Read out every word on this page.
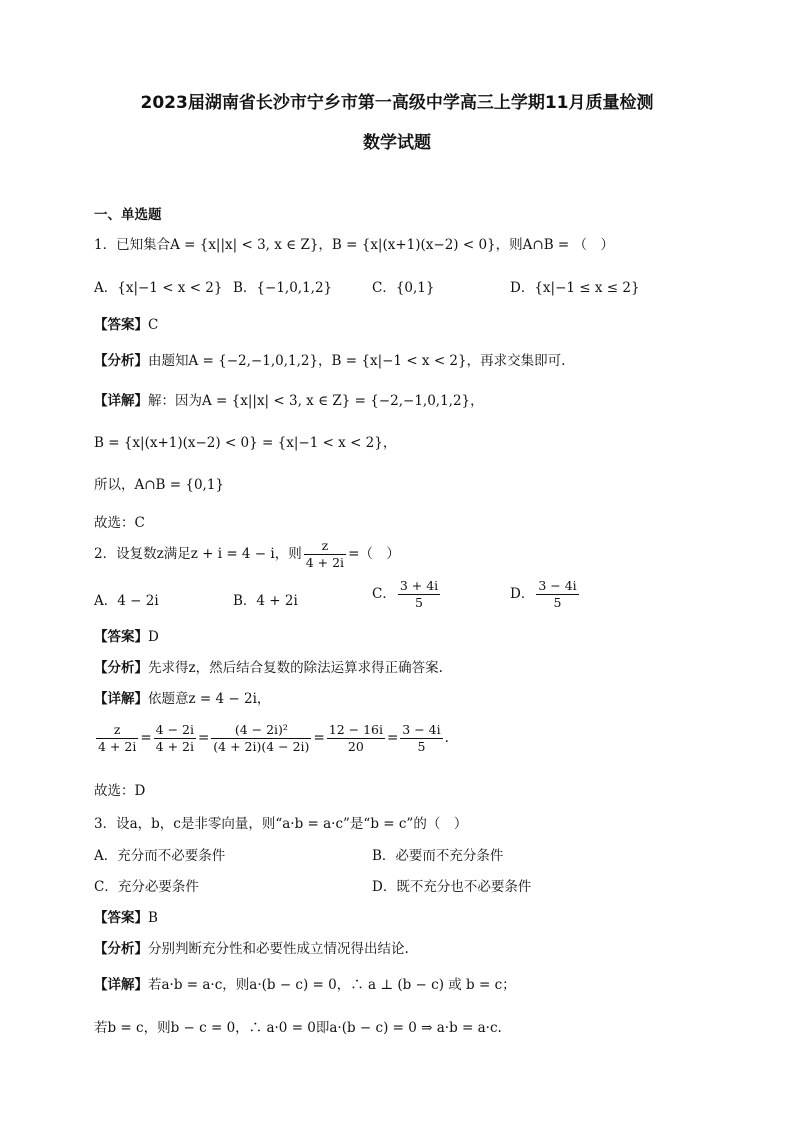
2023届湖南省长沙市宁乡市第一高级中学高三上学期11月质量检测
数学试题
一、单选题
1．已知集合A = {x||x| < 3, x ∈ Z}，B = {x|(x+1)(x−2) < 0}，则A∩B = （　）
A．{x|−1 < x < 2} B．{−1,0,1,2}	C．{0,1}	D．{x|−1 ≤ x ≤ 2}
【答案】C
【分析】由题知A = {−2,−1,0,1,2}，B = {x|−1 < x < 2}，再求交集即可.
【详解】解：因为A = {x||x| < 3, x ∈ Z} = {−2,−1,0,1,2}，
B = {x|(x+1)(x−2) < 0} = {x|−1 < x < 2}，
所以，A∩B = {0,1}
故选：C
2．设复数z满足z + i = 4 − i，则 $\frac{z}{4 + 2i}$ =（　）
A．4 − 2i	B．4 + 2i	C． $\frac{3 + 4i}{5}$	D． $\frac{3 - 4i}{5}$
【答案】D
【分析】先求得z，然后结合复数的除法运算求得正确答案.
【详解】依题意z = 4 − 2i，
$\frac{z}{4 + 2i} = \frac{4 - 2i}{4 + 2i} = \frac{\text{(4 − 2i)²}}{(4 + 2i)(4 - 2i)} = \frac{12 - 16i}{20} = \frac{3 - 4i}{5}$ .
故选：D
3．设a，b，c是非零向量，则“a·b = a·c”是“b = c”的（　）
A．充分而不必要条件	B．必要而不充分条件
C．充分必要条件	D．既不充分也不必要条件
【答案】B
【分析】分别判断充分性和必要性成立情况得出结论.
【详解】若a·b = a·c，则a·(b − c) = 0，∴ a ⊥ (b − c) 或 b = c；
若b = c，则b − c = 0，∴ a·0 = 0即a·(b − c) = 0 ⇒ a·b = a·c.
